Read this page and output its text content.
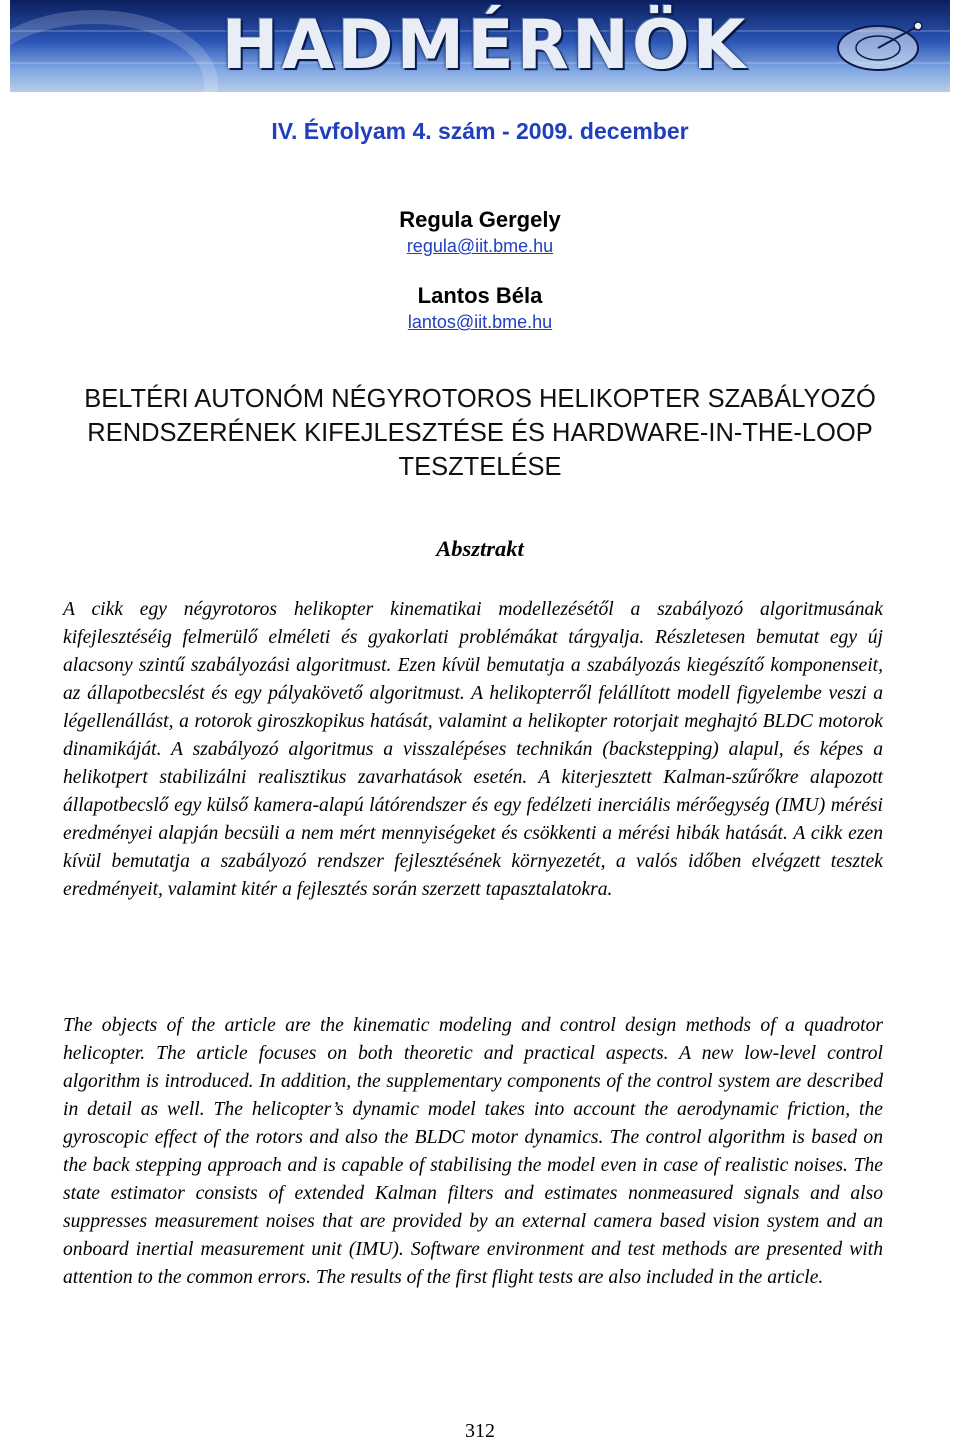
HADMÉRNÖK
IV. Évfolyam 4. szám - 2009. december
Regula Gergely
regula@iit.bme.hu
Lantos Béla
lantos@iit.bme.hu
BELTÉRI AUTONÓM NÉGYROTOROS HELIKOPTER SZABÁLYOZÓ
RENDSZERÉNEK KIFEJLESZTÉSE ÉS HARDWARE-IN-THE-LOOP
TESZTELÉSE
Absztrakt

A cikk egy négyrotoros helikopter kinematikai modellezésétől a szabályozó algoritmusának kifejlesztéséig felmerülő elméleti és gyakorlati problémákat tárgyalja. Részletesen bemutat egy új alacsony szintű szabályozási algoritmust. Ezen kívül bemutatja a szabályozás kiegészítő komponenseit, az állapotbecslést és egy pályakövető algoritmust. A helikopterről felállított modell figyelembe veszi a légellenállást, a rotorok giroszkopikus hatását, valamint a helikopter rotorjait meghajtó BLDC motorok dinamikáját. A szabályozó algoritmus a visszalépéses technikán (backstepping) alapul, és képes a helikotpert stabilizálni realisztikus zavarhatások esetén. A kiterjesztett Kalman-szűrőkre alapozott állapotbecslő egy külső kamera-alapú látórendszer és egy fedélzeti inerciális mérőegység (IMU) mérési eredményei alapján becsüli a nem mért mennyiségeket és csökkenti a mérési hibák hatását. A cikk ezen kívül bemutatja a szabályozó rendszer fejlesztésének környezetét, a valós időben elvégzett tesztek eredményeit, valamint kitér a fejlesztés során szerzett tapasztalatokra.

The objects of the article are the kinematic modeling and control design methods of a quadrotor helicopter. The article focuses on both theoretic and practical aspects. A new low-level control algorithm is introduced. In addition, the supplementary components of the control system are described in detail as well. The helicopter’s dynamic model takes into account the aerodynamic friction, the gyroscopic effect of the rotors and also the BLDC motor dynamics. The control algorithm is based on the back stepping approach and is capable of stabilising the model even in case of realistic noises. The state estimator consists of extended Kalman filters and estimates nonmeasured signals and also suppresses measurement noises that are provided by an external camera based vision system and an onboard inertial measurement unit (IMU). Software environment and test methods are presented with attention to the common errors. The results of the first flight tests are also included in the article.

312
